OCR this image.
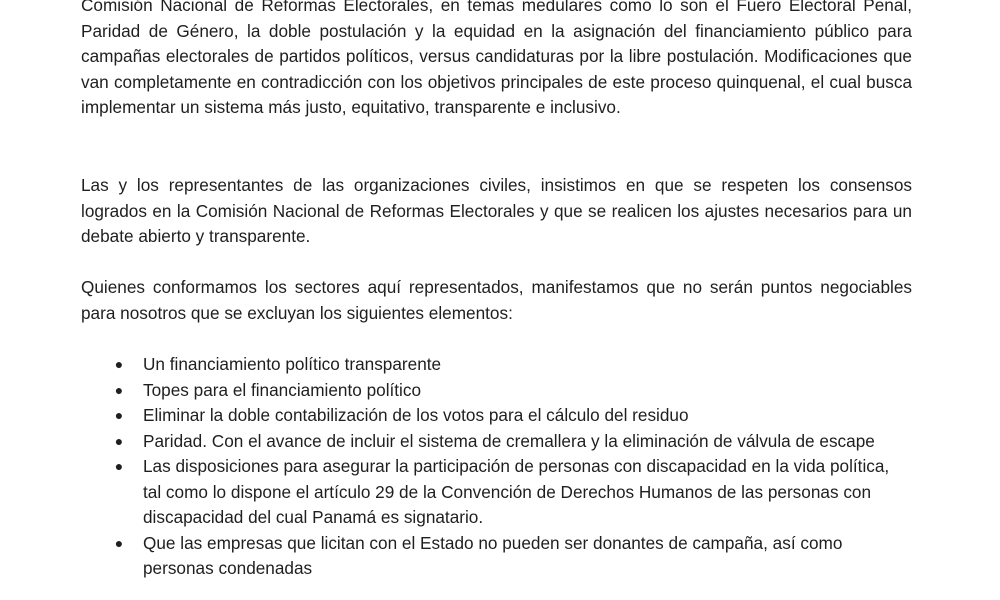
Comisión Nacional de Reformas Electorales, en temas medulares como lo son el Fuero Electoral Penal, Paridad de Género, la doble postulación y la equidad en la asignación del financiamiento público para campañas electorales de partidos políticos, versus candidaturas por la libre postulación. Modificaciones que van completamente en contradicción con los objetivos principales de este proceso quinquenal, el cual busca implementar un sistema más justo, equitativo, transparente e inclusivo.

Las y los representantes de las organizaciones civiles, insistimos en que se respeten los consensos logrados en la Comisión Nacional de Reformas Electorales y que se realicen los ajustes necesarios para un debate abierto y transparente.

Quienes conformamos los sectores aquí representados, manifestamos que no serán puntos negociables para nosotros que se excluyan los siguientes elementos:

● Un financiamiento político transparente
● Topes para el financiamiento político
● Eliminar la doble contabilización de los votos para el cálculo del residuo
● Paridad. Con el avance de incluir el sistema de cremallera y la eliminación de válvula de escape
● Las disposiciones para asegurar la participación de personas con discapacidad en la vida política, tal como lo dispone el artículo 29 de la Convención de Derechos Humanos de las personas con discapacidad del cual Panamá es signatario.
● Que las empresas que licitan con el Estado no pueden ser donantes de campaña, así como personas condenadas
